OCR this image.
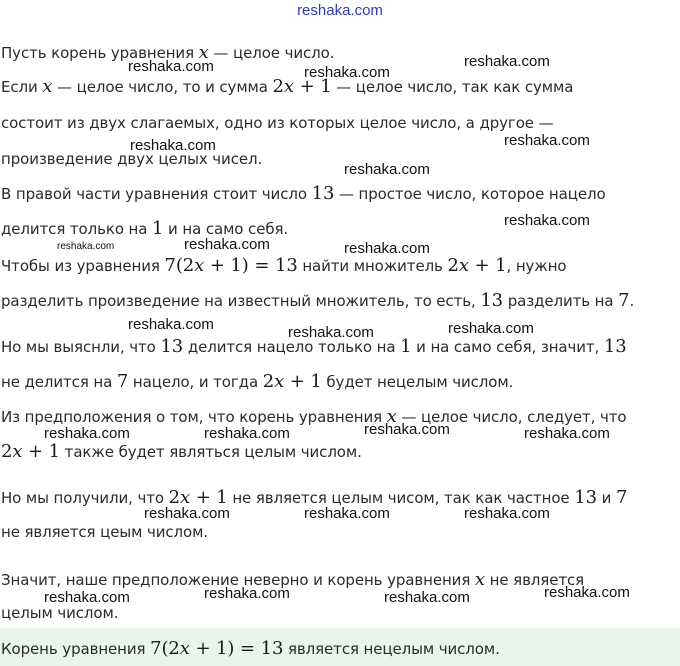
reshaka.com
Пусть корень уравнения x — целое число.
Если x — целое число, то и сумма 2x + 1 — целое число, так как сумма
состоит из двух слагаемых, одно из которых целое число, а другое —
произведение двух целых чисел.
В правой части уравнения стоит число 13 — простое число, которое нацело
делится только на 1 и на само себя.
Чтобы из уравнения 7(2x + 1) = 13 найти множитель 2x + 1, нужно
разделить произведение на известный множитель, то есть, 13 разделить на 7.
Но мы выяснли, что 13 делится нацело только на 1 и на само себя, значит, 13
не делится на 7 нацело, и тогда 2x + 1 будет нецелым числом.
Из предположения о том, что корень уравнения x — целое число, следует, что
2x + 1 также будет являться целым числом.
Но мы получили, что 2x + 1 не является целым чисом, так как частное 13 и 7
не является цеым числом.
Значит, наше предположение неверно и корень уравнения x не является
целым числом.
Корень уравнения 7(2x + 1) = 13 является нецелым числом.
reshaka.com
reshaka.com	reshaka.com
reshaka.com	reshaka.com
reshaka.com
reshaka.com
reshaka.com	reshaka.com	reshaka.com
reshaka.com	reshaka.com
reshaka.com
reshaka.com
reshaka.com	reshaka.com	reshaka.com
reshaka.com	reshaka.com	reshaka.com
reshaka.com
reshaka.com
reshaka.com	reshaka.com
